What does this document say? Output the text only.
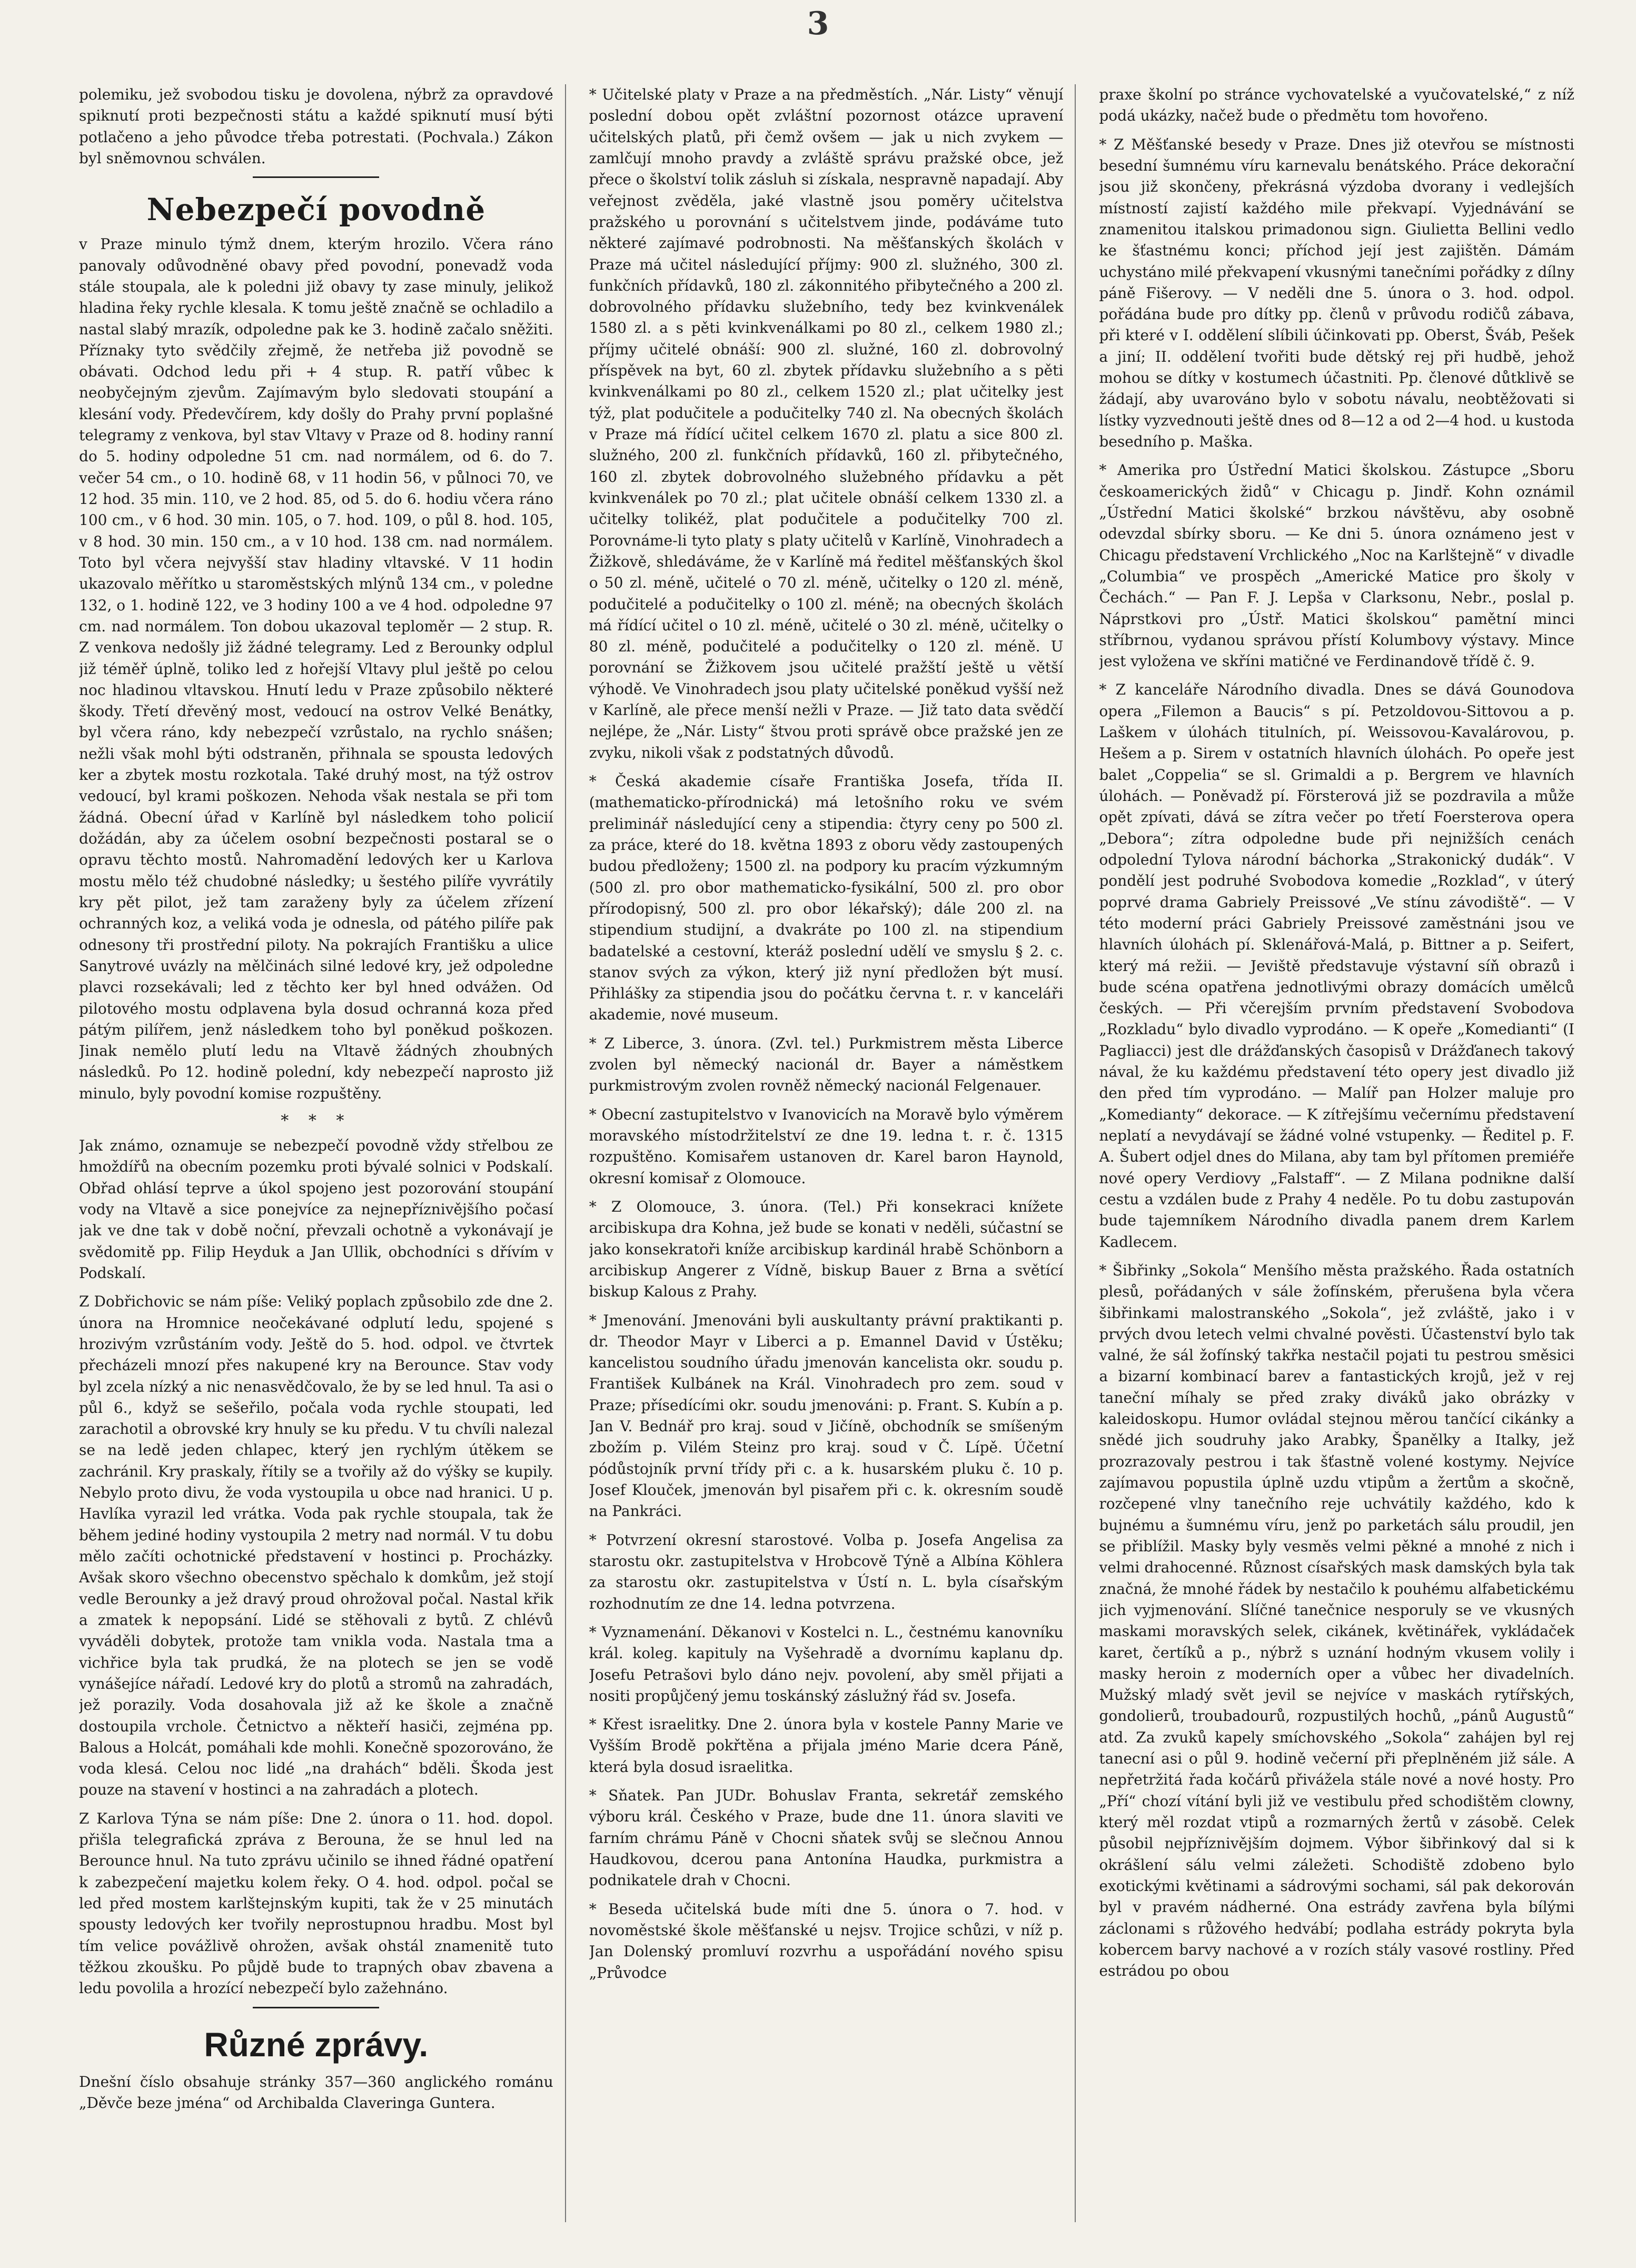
3

polemiku, jež svobodou tisku je dovolena, nýbrž za opravdové spiknutí proti bezpečnosti státu a každé spiknutí musí býti potlačeno a jeho původce třeba potrestati. (Pochvala.) Zákon byl sněmovnou schválen.

Nebezpečí povodně

v Praze minulo týmž dnem, kterým hrozilo. Včera ráno panovaly odůvodněné obavy před povodní, ponevadž voda stále stoupala, ale k poledni již obavy ty zase minuly, jelikož hladina řeky rychle klesala. K tomu ještě značně se ochladilo a nastal slabý mrazík, odpoledne pak ke 3. hodině začalo sněžiti. Příznaky tyto svědčily zřejmě, že netřeba již povodně se obávati. Odchod ledu při + 4 stup. R. patří vůbec k neobyčejným zjevům. Zajímavým bylo sledovati stoupání a klesání vody. Předevčírem, kdy došly do Prahy první poplašné telegramy z venkova, byl stav Vltavy v Praze od 8. hodiny ranní do 5. hodiny odpoledne 51 cm. nad normálem, od 6. do 7. večer 54 cm., o 10. hodině 68, v 11 hodin 56, v půlnoci 70, ve 12 hod. 35 min. 110, ve 2 hod. 85, od 5. do 6. hodiu včera ráno 100 cm., v 6 hod. 30 min. 105, o 7. hod. 109, o půl 8. hod. 105, v 8 hod. 30 min. 150 cm., a v 10 hod. 138 cm. nad normálem. Toto byl včera nejvyšší stav hladiny vltavské. V 11 hodin ukazovalo měřítko u staroměstských mlýnů 134 cm., v poledne 132, o 1. hodině 122, ve 3 hodiny 100 a ve 4 hod. odpoledne 97 cm. nad normálem. Ton dobou ukazoval teploměr — 2 stup. R. Z venkova nedošly již žádné telegramy. Led z Berounky odplul již téměř úplně, toliko led z hořejší Vltavy plul ještě po celou noc hladinou vltavskou. Hnutí ledu v Praze způsobilo některé škody. Třetí dřevěný most, vedoucí na ostrov Velké Benátky, byl včera ráno, kdy nebezpečí vzrůstalo, na rychlo snášen; nežli však mohl býti odstraněn, přihnala se spousta ledových ker a zbytek mostu rozkotala. Také druhý most, na týž ostrov vedoucí, byl krami poškozen. Nehoda však nestala se při tom žádná. Obecní úřad v Karlíně byl následkem toho policií dožádán, aby za účelem osobní bezpečnosti postaral se o opravu těchto mostů. Nahromadění ledových ker u Karlova mostu mělo též chudobné následky; u šestého pilíře vyvrátily kry pět pilot, jež tam zaraženy byly za účelem zřízení ochranných koz, a veliká voda je odnesla, od pátého pilíře pak odnesony tři prostřední piloty. Na pokrajích Františku a ulice Sanytrové uvázly na mělčinách silné ledové kry, jež odpoledne plavci rozsekávali; led z těchto ker byl hned odvážen. Od pilotového mostu odplavena byla dosud ochranná koza před pátým pilířem, jenž následkem toho byl poněkud poškozen. Jinak nemělo plutí ledu na Vltavě žádných zhoubných následků. Po 12. hodině polední, kdy nebezpečí naprosto již minulo, byly povodní komise rozpuštěny.

* * *

Jak známo, oznamuje se nebezpečí povodně vždy střelbou ze hmoždířů na obecním pozemku proti bývalé solnici v Podskalí. Obřad ohlásí teprve a úkol spojeno jest pozorování stoupání vody na Vltavě a sice ponejvíce za nejnepříznivějšího počasí jak ve dne tak v době noční, převzali ochotně a vykonávají je svědomitě pp. Filip Heyduk a Jan Ullik, obchodníci s dřívím v Podskalí.

Z Dobřichovic se nám píše: Veliký poplach způsobilo zde dne 2. února na Hromnice neočekávané odplutí ledu, spojené s hrozivým vzrůstáním vody. Ještě do 5. hod. odpol. ve čtvrtek přecházeli mnozí přes nakupené kry na Berounce. Stav vody byl zcela nízký a nic nenasvědčovalo, že by se led hnul. Ta asi o půl 6., když se sešeřilo, počala voda rychle stoupati, led zarachotil a obrovské kry hnuly se ku předu. V tu chvíli nalezal se na ledě jeden chlapec, který jen rychlým útěkem se zachránil. Kry praskaly, řítily se a tvořily až do výšky se kupily. Nebylo proto divu, že voda vystoupila u obce nad hranici. U p. Havlíka vyrazil led vrátka. Voda pak rychle stoupala, tak že během jediné hodiny vystoupila 2 metry nad normál. V tu dobu mělo začíti ochotnické představení v hostinci p. Procházky. Avšak skoro všechno obecenstvo spěchalo k domkům, jež stojí vedle Berounky a jež dravý proud ohrožoval počal. Nastal křik a zmatek k nepopsání. Lidé se stěhovali z bytů. Z chlévů vyváděli dobytek, protože tam vnikla voda. Nastala tma a vichřice byla tak prudká, že na plotech se jen se vodě vynášejíce nářadí. Ledové kry do plotů a stromů na zahradách, jež porazily. Voda dosahovala již až ke škole a značně dostoupila vrchole. Četnictvo a někteří hasiči, zejména pp. Balous a Holcát, pomáhali kde mohli. Konečně spozorováno, že voda klesá. Celou noc lidé „na drahách“ bděli. Škoda jest pouze na stavení v hostinci a na zahradách a plotech.

Z Karlova Týna se nám píše: Dne 2. února o 11. hod. dopol. přišla telegrafická zpráva z Berouna, že se hnul led na Berounce hnul. Na tuto zprávu učinilo se ihned řádné opatření k zabezpečení majetku kolem řeky. O 4. hod. odpol. počal se led před mostem karlštejnským kupiti, tak že v 25 minutách spousty ledových ker tvořily neprostupnou hradbu. Most byl tím velice povážlivě ohrožen, avšak ohstál znamenitě tuto těžkou zkoušku. Po půjdě bude to trapných obav zbavena a ledu povolila a hrozící nebezpečí bylo zažehnáno.

Různé zprávy.

Dnešní číslo obsahuje stránky 357—360 anglického románu „Děvče beze jména“ od Archibalda Claveringa Guntera.

* Učitelské platy v Praze a na předměstích. „Nár. Listy“ věnují poslední dobou opět zvláštní pozornost otázce upravení učitelských platů, při čemž ovšem — jak u nich zvykem — zamlčují mnoho pravdy a zvláště správu pražské obce, jež přece o školství tolik zásluh si získala, nespravně napadají. Aby veřejnost zvěděla, jaké vlastně jsou poměry učitelstva pražského u porovnání s učitelstvem jinde, podáváme tuto některé zajímavé podrobnosti. Na měšťanských školách v Praze má učitel následující příjmy: 900 zl. služného, 300 zl. funkčních přídavků, 180 zl. zákonnitého přibytečného a 200 zl. dobrovolného přídavku služebního, tedy bez kvinkvenálek 1580 zl. a s pěti kvinkvenálkami po 80 zl., celkem 1980 zl.; příjmy učitelé obnáší: 900 zl. služné, 160 zl. dobrovolný příspěvek na byt, 60 zl. zbytek přídavku služebního a s pěti kvinkvenálkami po 80 zl., celkem 1520 zl.; plat učitelky jest týž, plat podučitele a podučitelky 740 zl. Na obecných školách v Praze má řídící učitel celkem 1670 zl. platu a sice 800 zl. služného, 200 zl. funkčních přídavků, 160 zl. přibytečného, 160 zl. zbytek dobrovolného služebného přídavku a pět kvinkvenálek po 70 zl.; plat učitele obnáší celkem 1330 zl. a učitelky tolikéž, plat podučitele a podučitelky 700 zl. Porovnáme-li tyto platy s platy učitelů v Karlíně, Vinohradech a Žižkově, shledáváme, že v Karlíně má ředitel měšťanských škol o 50 zl. méně, učitelé o 70 zl. méně, učitelky o 120 zl. méně, podučitelé a podučitelky o 100 zl. méně; na obecných školách má řídící učitel o 10 zl. méně, učitelé o 30 zl. méně, učitelky o 80 zl. méně, podučitelé a podučitelky o 120 zl. méně. U porovnání se Žižkovem jsou učitelé pražští ještě u větší výhodě. Ve Vinohradech jsou platy učitelské poněkud vyšší než v Karlíně, ale přece menší nežli v Praze. — Již tato data svědčí nejlépe, že „Nár. Listy“ štvou proti správě obce pražské jen ze zvyku, nikoli však z podstatných důvodů.

* Česká akademie císaře Františka Josefa, třída II. (mathematicko-přírodnická) má letošního roku ve svém preliminář následující ceny a stipendia: čtyry ceny po 500 zl. za práce, které do 18. května 1893 z oboru vědy zastoupených budou předloženy; 1500 zl. na podpory ku pracím výzkumným (500 zl. pro obor mathematicko-fysikální, 500 zl. pro obor přírodopisný, 500 zl. pro obor lékařský); dále 200 zl. na stipendium studijní, a dvakráte po 100 zl. na stipendium badatelské a cestovní, kteráž poslední udělí ve smyslu § 2. c. stanov svých za výkon, který již nyní předložen být musí. Přihlášky za stipendia jsou do počátku června t. r. v kanceláři akademie, nové museum.

* Z Liberce, 3. února. (Zvl. tel.) Purkmistrem města Liberce zvolen byl německý nacionál dr. Bayer a náměstkem purkmistrovým zvolen rovněž německý nacionál Felgenauer.

* Obecní zastupitelstvo v Ivanovicích na Moravě bylo výměrem moravského místodržitelství ze dne 19. ledna t. r. č. 1315 rozpuštěno. Komisařem ustanoven dr. Karel baron Haynold, okresní komisař z Olomouce.

* Z Olomouce, 3. února. (Tel.) Při konsekraci knížete arcibiskupa dra Kohna, jež bude se konati v neděli, súčastní se jako konsekratoři kníže arcibiskup kardinál hrabě Schönborn a arcibiskup Angerer z Vídně, biskup Bauer z Brna a světící biskup Kalous z Prahy.

* Jmenování. Jmenováni byli auskultanty právní praktikanti p. dr. Theodor Mayr v Liberci a p. Emannel David v Ústěku; kancelistou soudního úřadu jmenován kancelista okr. soudu p. František Kulbánek na Král. Vinohradech pro zem. soud v Praze; přísedícími okr. soudu jmenováni: p. Frant. S. Kubín a p. Jan V. Bednář pro kraj. soud v Jičíně, obchodník se smíšeným zbožím p. Vilém Steinz pro kraj. soud v Č. Lípě. Účetní pódůstojník první třídy při c. a k. husarském pluku č. 10 p. Josef Klouček, jmenován byl pisařem při c. k. okresním soudě na Pankráci.

* Potvrzení okresní starostové. Volba p. Josefa Angelisa za starostu okr. zastupitelstva v Hrobcově Týně a Albína Köhlera za starostu okr. zastupitelstva v Ústí n. L. byla císařským rozhodnutím ze dne 14. ledna potvrzena.

* Vyznamenání. Děkanovi v Kostelci n. L., čestnému kanovníku král. koleg. kapituly na Vyšehradě a dvornímu kaplanu dp. Josefu Petrašovi bylo dáno nejv. povolení, aby směl přijati a nositi propůjčený jemu toskánský záslužný řád sv. Josefa.

* Křest israelitky. Dne 2. února byla v kostele Panny Marie ve Vyšším Brodě pokřtěna a přijala jméno Marie dcera Páně, která byla dosud israelitka.

* Sňatek. Pan JUDr. Bohuslav Franta, sekretář zemského výboru král. Českého v Praze, bude dne 11. února slaviti ve farním chrámu Páně v Chocni sňatek svůj se slečnou Annou Haudkovou, dcerou pana Antonína Haudka, purkmistra a podnikatele drah v Chocni.

* Beseda učitelská bude míti dne 5. února o 7. hod. v novoměstské škole měšťanské u nejsv. Trojice schůzi, v níž p. Jan Dolenský promluví rozvrhu a uspořádání nového spisu „Průvodce

praxe školní po stránce vychovatelské a vyučovatelské,“ z níž podá ukázky, načež bude o předmětu tom hovořeno.

* Z Měšťanské besedy v Praze. Dnes již otevřou se místnosti besední šumnému víru karnevalu benátského. Práce dekorační jsou již skončeny, překrásná výzdoba dvorany i vedlejších místností zajistí každého mile překvapí. Vyjednávání se znamenitou italskou primadonou sign. Giulietta Bellini vedlo ke šťastnému konci; příchod její jest zajištěn. Dámám uchystáno milé překvapení vkusnými tanečními pořádky z dílny páně Fišerovy. — V neděli dne 5. února o 3. hod. odpol. pořádána bude pro dítky pp. členů v průvodu rodičů zábava, při které v I. oddělení slíbili účinkovati pp. Oberst, Šváb, Pešek a jiní; II. oddělení tvořiti bude dětský rej při hudbě, jehož mohou se dítky v kostumech účastniti. Pp. členové důtklivě se žádají, aby uvarováno bylo v sobotu návalu, neobtěžovati si lístky vyzvednouti ještě dnes od 8—12 a od 2—4 hod. u kustoda besedního p. Maška.

* Amerika pro Ústřední Matici školskou. Zástupce „Sboru českoamerických židů“ v Chicagu p. Jindř. Kohn oznámil „Ústřední Matici školské“ brzkou návštěvu, aby osobně odevzdal sbírky sboru. — Ke dni 5. února oznámeno jest v Chicagu představení Vrchlického „Noc na Karlštejně“ v divadle „Columbia“ ve prospěch „Americké Matice pro školy v Čechách.“ — Pan F. J. Lepša v Clarksonu, Nebr., poslal p. Náprstkovi pro „Ústř. Matici školskou“ pamětní minci stříbrnou, vydanou správou přístí Kolumbovy výstavy. Mince jest vyložena ve skříni matičné ve Ferdinandově třídě č. 9.

* Z kanceláře Národního divadla. Dnes se dává Gounodova opera „Filemon a Baucis“ s pí. Petzoldovou-Sittovou a p. Laškem v úlohách titulních, pí. Weissovou-Kavalárovou, p. Hešem a p. Sirem v ostatních hlavních úlohách. Po opeře jest balet „Coppelia“ se sl. Grimaldi a p. Bergrem ve hlavních úlohách. — Poněvadž pí. Försterová již se pozdravila a může opět zpívati, dává se zítra večer po třetí Foersterova opera „Debora“; zítra odpoledne bude při nejnižších cenách odpolední Tylova národní báchorka „Strakonický dudák“. V pondělí jest podruhé Svobodova komedie „Rozklad“, v úterý poprvé drama Gabriely Preissové „Ve stínu závodiště“. — V této moderní práci Gabriely Preissové zaměstnáni jsou ve hlavních úlohách pí. Sklenářová-Malá, p. Bittner a p. Seifert, který má režii. — Jeviště představuje výstavní síň obrazů i bude scéna opatřena jednotlivými obrazy domácích umělců českých. — Při včerejším prvním představení Svobodova „Rozkladu“ bylo divadlo vyprodáno. — K opeře „Komedianti“ (I Pagliacci) jest dle drážďanských časopisů v Drážďanech takový nával, že ku každému představení této opery jest divadlo již den před tím vyprodáno. — Malíř pan Holzer maluje pro „Komedianty“ dekorace. — K zítřejšímu večernímu představení neplatí a nevydávají se žádné volné vstupenky. — Ředitel p. F. A. Šubert odjel dnes do Milana, aby tam byl přítomen premiéře nové opery Verdiovy „Falstaff“. — Z Milana podnikne další cestu a vzdálen bude z Prahy 4 neděle. Po tu dobu zastupován bude tajemníkem Národního divadla panem drem Karlem Kadlecem.

* Šibřinky „Sokola“ Menšího města pražského. Řada ostatních plesů, pořádaných v sále žofínském, přerušena byla včera šibřinkami malostranského „Sokola“, jež zvláště, jako i v prvých dvou letech velmi chvalné pověsti. Účastenství bylo tak valné, že sál žofínský takřka nestačil pojati tu pestrou směsici a bizarní kombinací barev a fantastických krojů, jež v rej taneční míhaly se před zraky diváků jako obrázky v kaleidoskopu. Humor ovládal stejnou měrou tančící cikánky a snědé jich soudruhy jako Arabky, Španělky a Italky, jež prozrazovaly pestrou i tak šťastně volené kostymy. Nejvíce zajímavou popustila úplně uzdu vtipům a žertům a skočně, rozčepené vlny tanečního reje uchvátily každého, kdo k bujnému a šumnému víru, jenž po parketách sálu proudil, jen se přiblížil. Masky byly vesměs velmi pěkné a mnohé z nich i velmi drahocenné. Různost císařských mask damských byla tak značná, že mnohé řádek by nestačilo k pouhému alfabetickému jich vyjmenování. Slíčné tanečnice nesporuly se ve vkusných maskami moravských selek, cikánek, květinářek, vykládaček karet, čertíků a p., nýbrž s uznání hodným vkusem volily i masky heroin z moderních oper a vůbec her divadelních. Mužský mladý svět jevil se nejvíce v maskách rytířských, gondolierů, troubadourů, rozpustilých hochů, „pánů Augustů“ atd. Za zvuků kapely smíchovského „Sokola“ zahájen byl rej tanecní asi o půl 9. hodině večerní při přeplněném již sále. A nepřetržitá řada kočárů přivážela stále nové a nové hosty. Pro „Pří“ chozí vítání byli již ve vestibulu před schodištěm clowny, který měl rozdat vtipů a rozmarných žertů v zásobě. Celek působil nejpříznivějším dojmem. Výbor šibřinkový dal si k okrášlení sálu velmi záležeti. Schodiště zdobeno bylo exotickými květinami a sádrovými sochami, sál pak dekorován byl v pravém nádherné. Ona estrády zavřena byla bílými záclonami s růžového hedvábí; podlaha estrády pokryta byla kobercem barvy nachové a v rozích stály vasové rostliny. Před estrádou po obou
